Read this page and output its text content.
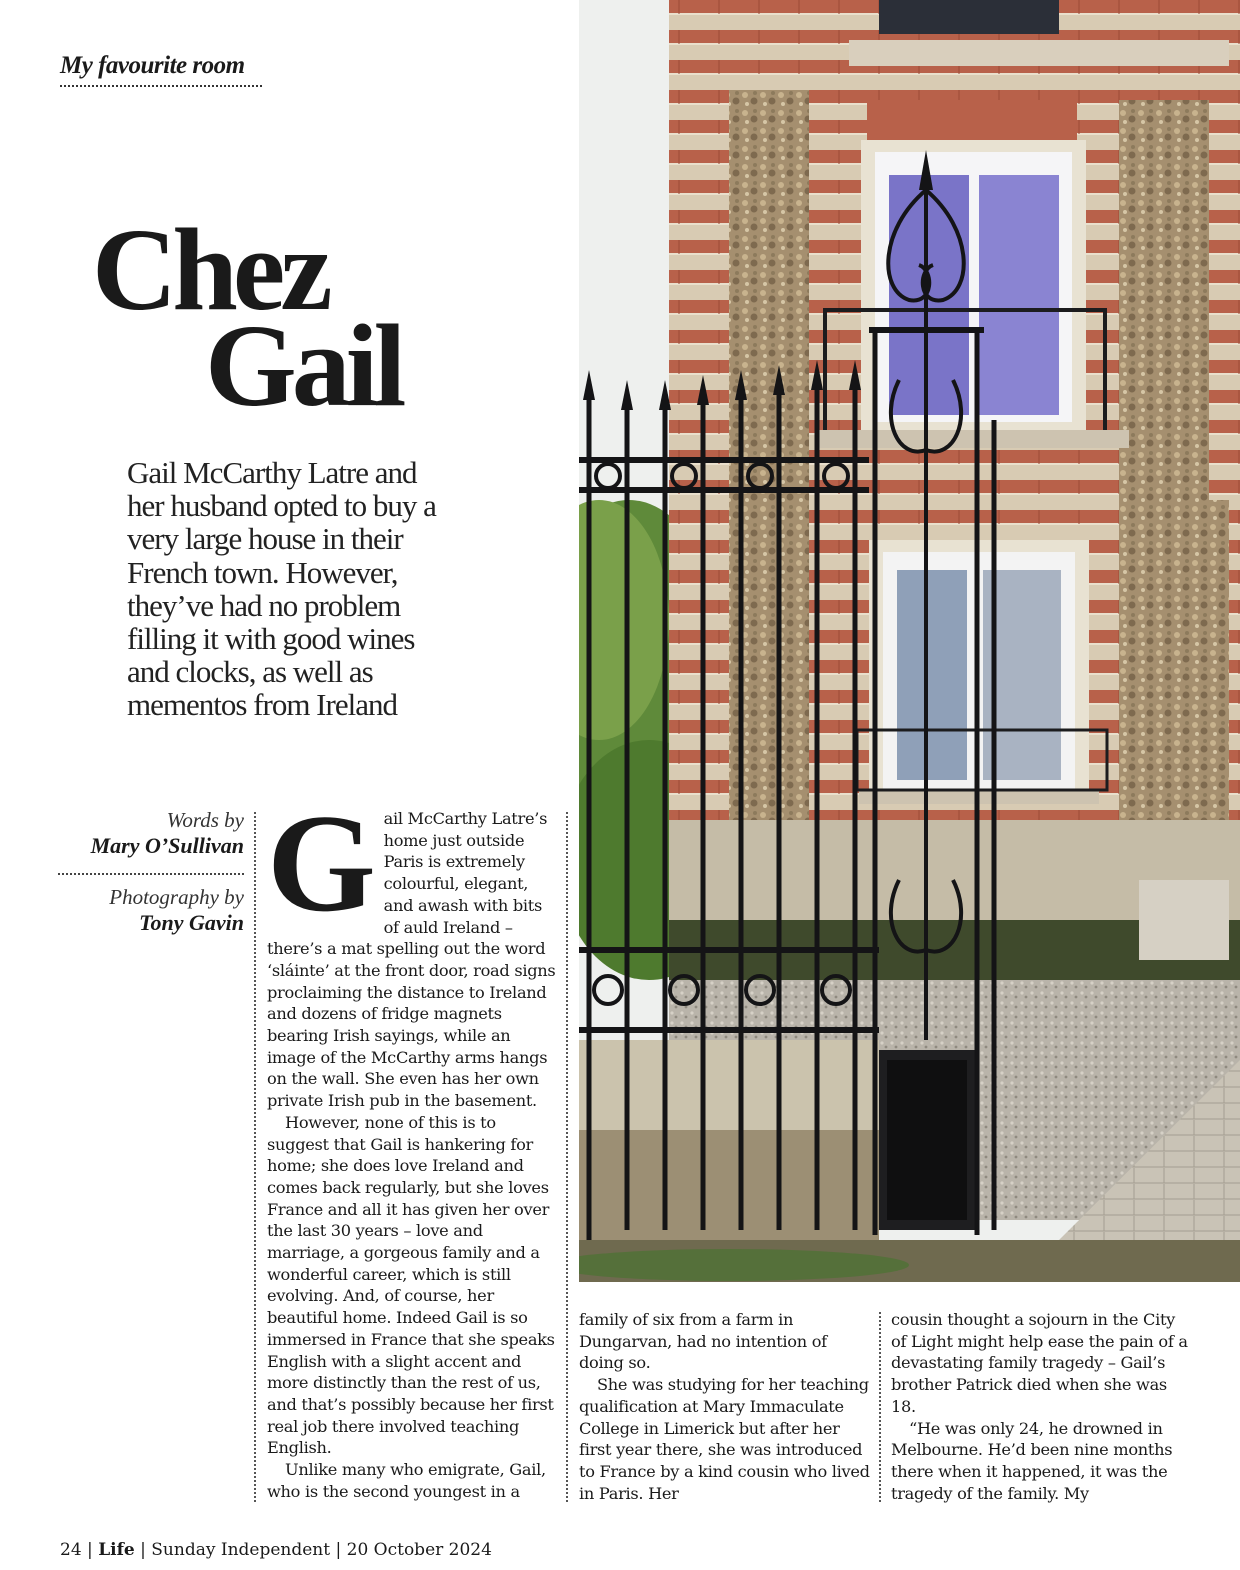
My favourite room
Chez
Gail

Gail McCarthy Latre and her husband opted to buy a very large house in their French town. However, they’ve had no problem filling it with good wines and clocks, as well as mementos from Ireland

Words by
Mary O’Sullivan
Photography by
Tony Gavin G ail McCarthy Latre’s home just outside Paris is extremely colourful, elegant, and awash with bits of auld Ireland – there’s a mat spelling out the word ‘sláinte’ at the front door, road signs proclaiming the distance to Ireland and dozens of fridge magnets bearing Irish sayings, while an image of the McCarthy arms hangs on the wall. She even has her own private Irish pub in the basement.

However, none of this is to suggest that Gail is hankering for home; she does love Ireland and comes back regularly, but she loves France and all it has given her over the last 30 years – love and marriage, a gorgeous family and a wonderful career, which is still evolving. And, of course, her beautiful home. Indeed Gail is so immersed in France that she speaks English with a slight accent and more distinctly than the rest of us, and that’s possibly because her first real job there involved teaching English.

Unlike many who emigrate, Gail, who is the second youngest in a

family of six from a farm in Dungarvan, had no intention of doing so.

She was studying for her teaching qualification at Mary Immaculate College in Limerick but after her first year there, she was introduced to France by a kind cousin who lived in Paris. Her

cousin thought a sojourn in the City of Light might help ease the pain of a devastating family tragedy – Gail’s brother Patrick died when she was 18.

“He was only 24, he drowned in Melbourne. He’d been nine months there when it happened, it was the tragedy of the family. My

24 | Life | Sunday Independent | 20 October 2024
